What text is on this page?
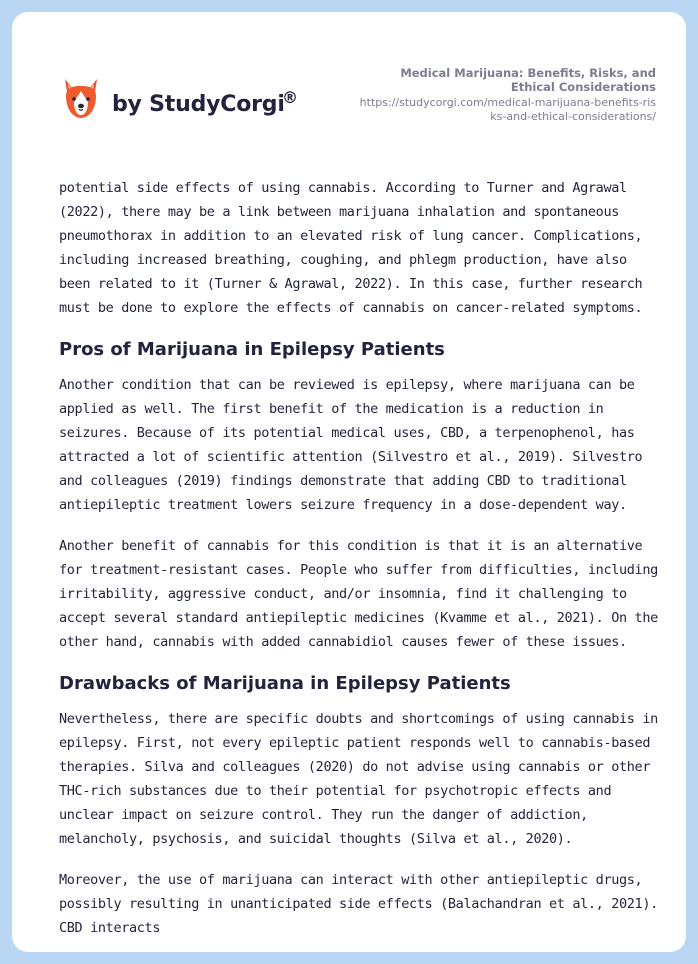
by StudyCorgi
®
Medical Marijuana: Benefits, Risks, and Ethical Considerations
https://studycorgi.com/medical-marijuana-benefits-risks-and-ethical-considerations/

potential side effects of using cannabis. According to Turner and Agrawal (2022), there may be a link between marijuana inhalation and spontaneous pneumothorax in addition to an elevated risk of lung cancer. Complications, including increased breathing, coughing, and phlegm production, have also been related to it (Turner & Agrawal, 2022). In this case, further research must be done to explore the effects of cannabis on cancer-related symptoms.

Pros of Marijuana in Epilepsy Patients

Another condition that can be reviewed is epilepsy, where marijuana can be applied as well. The first benefit of the medication is a reduction in seizures. Because of its potential medical uses, CBD, a terpenophenol, has attracted a lot of scientific attention (Silvestro et al., 2019). Silvestro and colleagues (2019) findings demonstrate that adding CBD to traditional antiepileptic treatment lowers seizure frequency in a dose-dependent way.

Another benefit of cannabis for this condition is that it is an alternative for treatment-resistant cases. People who suffer from difficulties, including irritability, aggressive conduct, and/or insomnia, find it challenging to accept several standard antiepileptic medicines (Kvamme et al., 2021). On the other hand, cannabis with added cannabidiol causes fewer of these issues.

Drawbacks of Marijuana in Epilepsy Patients

Nevertheless, there are specific doubts and shortcomings of using cannabis in epilepsy. First, not every epileptic patient responds well to cannabis-based therapies. Silva and colleagues (2020) do not advise using cannabis or other THC-rich substances due to their potential for psychotropic effects and unclear impact on seizure control. They run the danger of addiction, melancholy, psychosis, and suicidal thoughts (Silva et al., 2020).

Moreover, the use of marijuana can interact with other antiepileptic drugs, possibly resulting in unanticipated side effects (Balachandran et al., 2021). CBD interacts
